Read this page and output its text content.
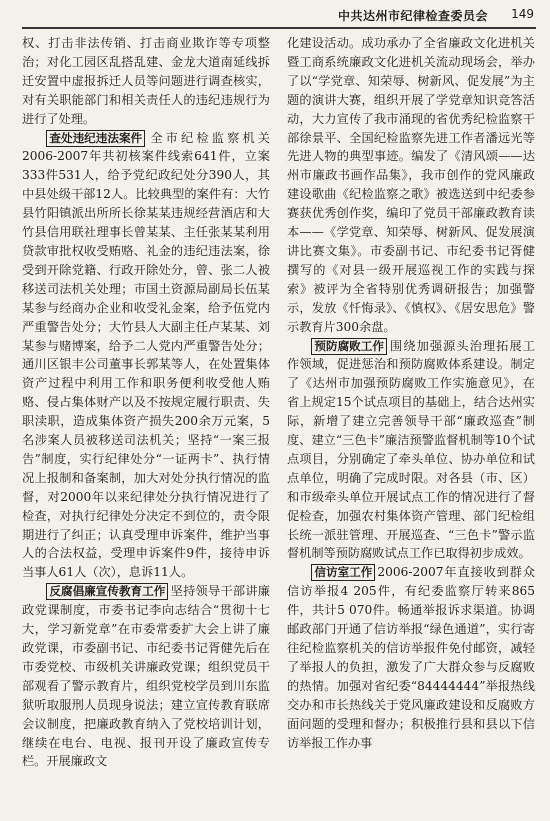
中共达州市纪律检查委员会 149

权、打击非法传销、打击商业欺诈等专项整治；对化工园区乱搭乱建、金龙大道南延线拆迁安置中虚报拆迁人员等问题进行调查核实，对有关职能部门和相关责任人的违纪违规行为进行了处理。

查处违纪违法案件 全市纪检监察机关2006-2007年共初核案件线索641件，立案333件531人，给予党纪政纪处分390人，其中县处级干部12人。比较典型的案件有：大竹县竹阳镇派出所所长徐某某违规经营酒店和大竹县信用联社理事长曾某某、主任张某某利用贷款审批权收受贿赂、礼金的违纪违法案，徐受到开除党籍、行政开除处分，曾、张二人被移送司法机关处理；市国土资源局副局长伍某某参与经商办企业和收受礼金案，给予伍党内严重警告处分；大竹县人大副主任卢某某、刘某参与赌博案，给予二人党内严重警告处分；通川区银丰公司董事长郭某等人，在处置集体资产过程中利用工作和职务便利收受他人贿赂、侵占集体财产以及不按规定履行职责、失职渎职，造成集体资产损失200余万元案，5名涉案人员被移送司法机关；坚持“一案三报告”制度，实行纪律处分“一证两卡”、执行情况上报制和备案制，加大对处分执行情况的监督，对2000年以来纪律处分执行情况进行了检查，对执行纪律处分决定不到位的，责令限期进行了纠正；认真受理申诉案件，维护当事人的合法权益，受理申诉案件9件，接待申诉当事人61人（次），息诉11人。

反腐倡廉宣传教育工作 坚持领导干部讲廉政党课制度，市委书记李向志结合“贯彻十七大，学习新党章”在市委常委扩大会上讲了廉政党课，市委副书记、市纪委书记胥健先后在市委党校、市级机关讲廉政党课；组织党员干部观看了警示教育片，组织党校学员到川东监狱听取服刑人员现身说法；建立宣传教育联席会议制度，把廉政教育纳入了党校培训计划，继续在电台、电视、报刊开设了廉政宣传专栏。开展廉政文

化建设活动。成功承办了全省廉政文化进机关暨工商系统廉政文化进机关流动现场会，举办了以“学党章、知荣辱、树新风、促发展”为主题的演讲大赛，组织开展了学党章知识竞答活动，大力宣传了我市涌现的省优秀纪检监察干部徐景平、全国纪检监察先进工作者潘远光等先进人物的典型事迹。编发了《清风颂——达州市廉政书画作品集》，我市创作的党风廉政建设歌曲《纪检监察之歌》被选送到中纪委参赛获优秀创作奖，编印了党员干部廉政教育读本——《学党章、知荣辱、树新风、促发展演讲比赛文集》。市委副书记、市纪委书记胥健撰写的《对县一级开展巡视工作的实践与探索》被评为全省特别优秀调研报告；加强警示，发放《忏悔录》、《慎权》、《居安思危》警示教育片300余盘。

预防腐败工作 围绕加强源头治理拓展工作领域，促进惩治和预防腐败体系建设。制定了《达州市加强预防腐败工作实施意见》，在省上规定15个试点项目的基础上，结合达州实际，新增了建立完善领导干部“廉政巡查”制度、建立“三色卡”廉洁预警监督机制等10个试点项目，分别确定了牵头单位、协办单位和试点单位，明确了完成时限。对各县（市、区）和市级牵头单位开展试点工作的情况进行了督促检查，加强农村集体资产管理、部门纪检组长统一派驻管理、开展巡查、“三色卡”警示监督机制等预防腐败试点工作已取得初步成效。

信访室工作 2006-2007年直接收到群众信访举报4 205件，有纪委监察厅转来865件，共计5 070件。畅通举报诉求渠道。协调邮政部门开通了信访举报“绿色通道”，实行寄往纪检监察机关的信访举报件免付邮资，减轻了举报人的负担，激发了广大群众参与反腐败的热情。加强对省纪委“84444444”举报热线交办和市长热线关于党风廉政建设和反腐败方面问题的受理和督办；积极推行县和县以下信访举报工作办事
